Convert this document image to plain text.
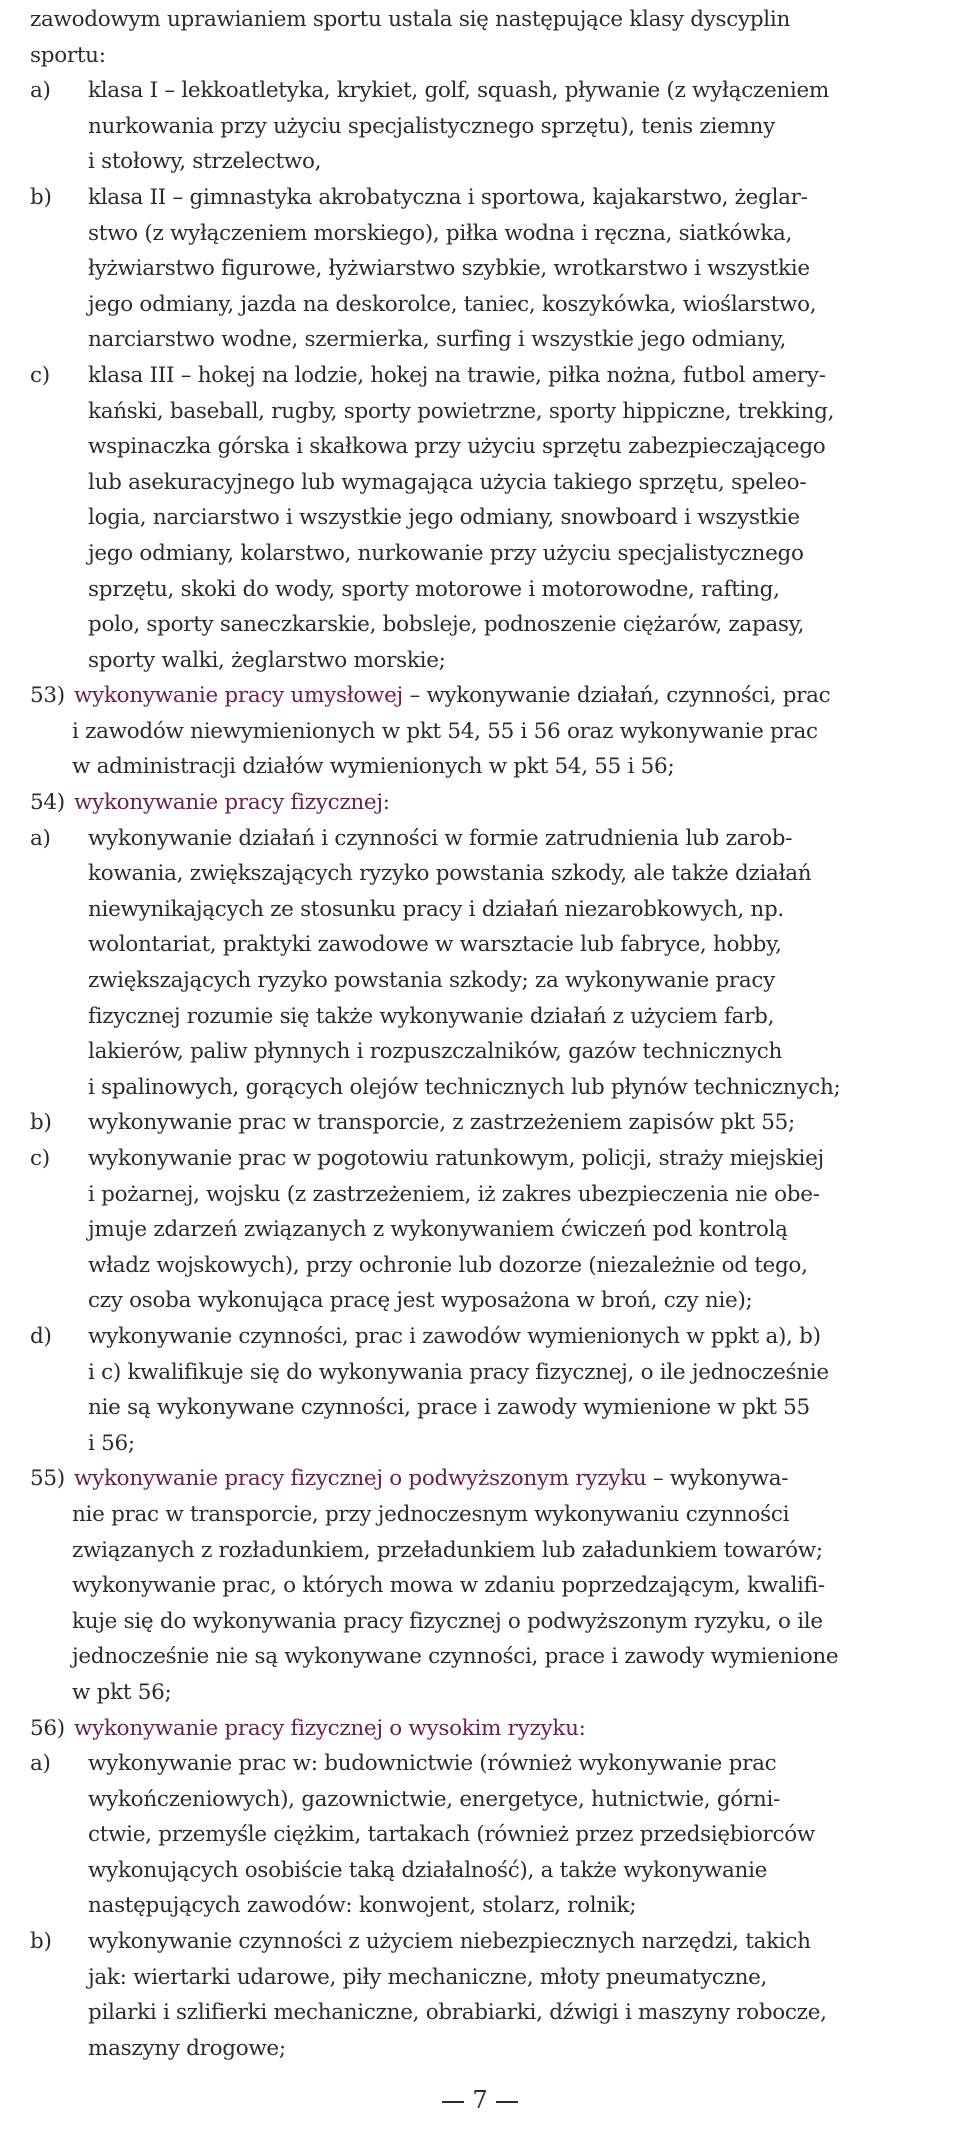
zawodowym uprawianiem sportu ustala się następujące klasy dyscyplin
sportu:
a) klasa I – lekkoatletyka, krykiet, golf, squash, pływanie (z wyłączeniem
nurkowania przy użyciu specjalistycznego sprzętu), tenis ziemny
i stołowy, strzelectwo,
b) klasa II – gimnastyka akrobatyczna i sportowa, kajakarstwo, żeglar-
stwo (z wyłączeniem morskiego), piłka wodna i ręczna, siatkówka,
łyżwiarstwo figurowe, łyżwiarstwo szybkie, wrotkarstwo i wszystkie
jego odmiany, jazda na deskorolce, taniec, koszykówka, wioślarstwo,
narciarstwo wodne, szermierka, surfing i wszystkie jego odmiany,
c) klasa III – hokej na lodzie, hokej na trawie, piłka nożna, futbol amery-
kański, baseball, rugby, sporty powietrzne, sporty hippiczne, trekking,
wspinaczka górska i skałkowa przy użyciu sprzętu zabezpieczającego
lub asekuracyjnego lub wymagająca użycia takiego sprzętu, speleo-
logia, narciarstwo i wszystkie jego odmiany, snowboard i wszystkie
jego odmiany, kolarstwo, nurkowanie przy użyciu specjalistycznego
sprzętu, skoki do wody, sporty motorowe i motorowodne, rafting,
polo, sporty saneczkarskie, bobsleje, podnoszenie ciężarów, zapasy,
sporty walki, żeglarstwo morskie;
53) wykonywanie pracy umysłowej – wykonywanie działań, czynności, prac
i zawodów niewymienionych w pkt 54, 55 i 56 oraz wykonywanie prac
w administracji działów wymienionych w pkt 54, 55 i 56;
54) wykonywanie pracy fizycznej:
a) wykonywanie działań i czynności w formie zatrudnienia lub zarob-
kowania, zwiększających ryzyko powstania szkody, ale także działań
niewynikających ze stosunku pracy i działań niezarobkowych, np.
wolontariat, praktyki zawodowe w warsztacie lub fabryce, hobby,
zwiększających ryzyko powstania szkody; za wykonywanie pracy
fizycznej rozumie się także wykonywanie działań z użyciem farb,
lakierów, paliw płynnych i rozpuszczalników, gazów technicznych
i spalinowych, gorących olejów technicznych lub płynów technicznych;
b) wykonywanie prac w transporcie, z zastrzeżeniem zapisów pkt 55;
c) wykonywanie prac w pogotowiu ratunkowym, policji, straży miejskiej
i pożarnej, wojsku (z zastrzeżeniem, iż zakres ubezpieczenia nie obe-
jmuje zdarzeń związanych z wykonywaniem ćwiczeń pod kontrolą
władz wojskowych), przy ochronie lub dozorze (niezależnie od tego,
czy osoba wykonująca pracę jest wyposażona w broń, czy nie);
d) wykonywanie czynności, prac i zawodów wymienionych w ppkt a), b)
i c) kwalifikuje się do wykonywania pracy fizycznej, o ile jednocześnie
nie są wykonywane czynności, prace i zawody wymienione w pkt 55
i 56;
55) wykonywanie pracy fizycznej o podwyższonym ryzyku – wykonywa-
nie prac w transporcie, przy jednoczesnym wykonywaniu czynności
związanych z rozładunkiem, przeładunkiem lub załadunkiem towarów;
wykonywanie prac, o których mowa w zdaniu poprzedzającym, kwalifi-
kuje się do wykonywania pracy fizycznej o podwyższonym ryzyku, o ile
jednocześnie nie są wykonywane czynności, prace i zawody wymienione
w pkt 56;
56) wykonywanie pracy fizycznej o wysokim ryzyku:
a) wykonywanie prac w: budownictwie (również wykonywanie prac
wykończeniowych), gazownictwie, energetyce, hutnictwie, górni-
ctwie, przemyśle ciężkim, tartakach (również przez przedsiębiorców
wykonujących osobiście taką działalność), a także wykonywanie
następujących zawodów: konwojent, stolarz, rolnik;
b) wykonywanie czynności z użyciem niebezpiecznych narzędzi, takich
jak: wiertarki udarowe, piły mechaniczne, młoty pneumatyczne,
pilarki i szlifierki mechaniczne, obrabiarki, dźwigi i maszyny robocze,
maszyny drogowe;
7
